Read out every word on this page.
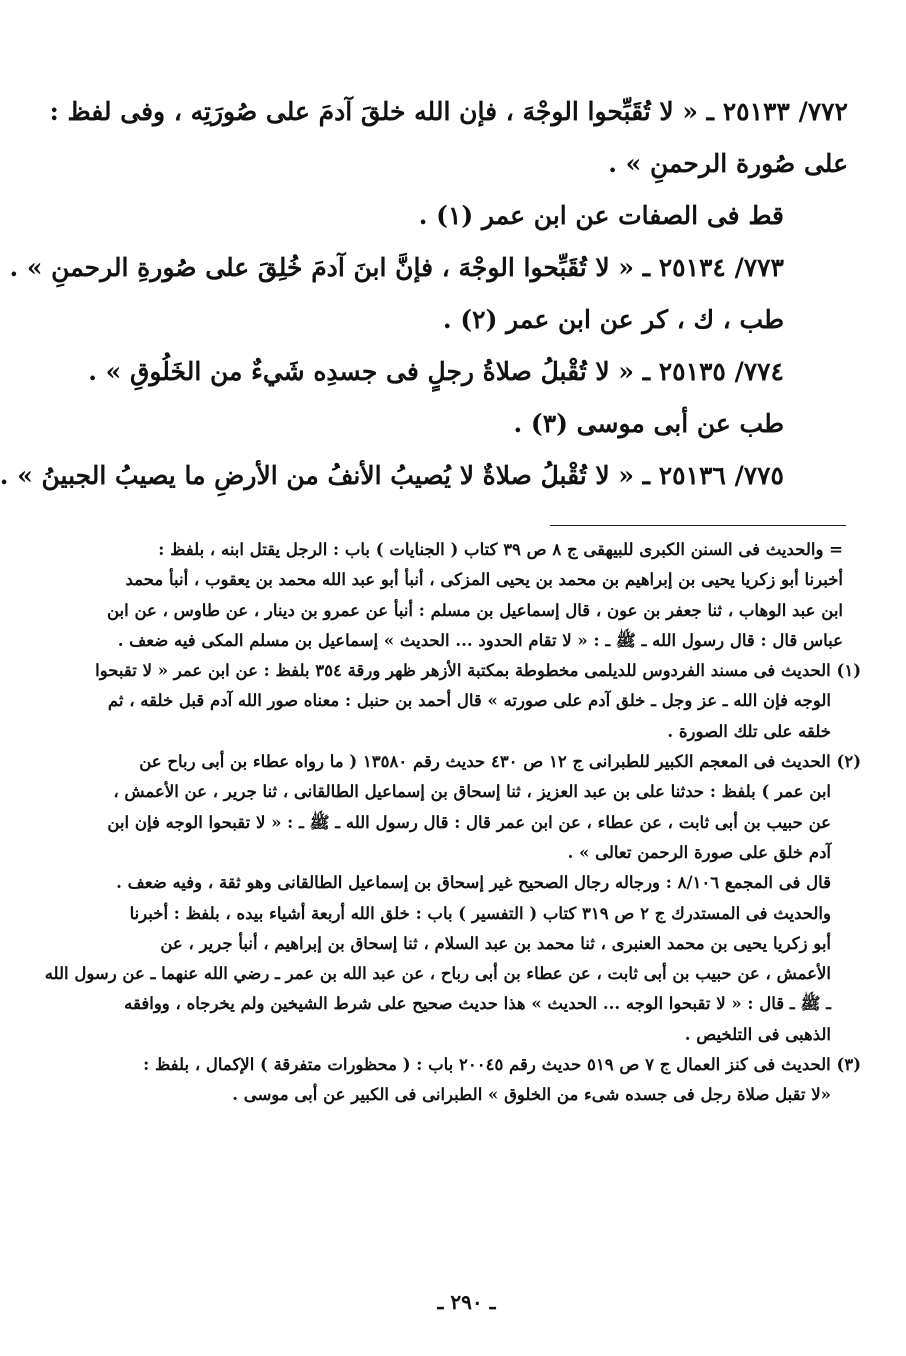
٧٧٢/ ٢٥١٣٣ ـ « لا تُقَبِّحوا الوجْهَ ، فإن الله خلقَ آدمَ على صُورَتِه ، وفى لفظ :
على صُورة الرحمنِ » .
قط فى الصفات عن ابن عمر (١) .
٧٧٣/ ٢٥١٣٤ ـ « لا تُقَبِّحوا الوجْهَ ، فإنَّ ابنَ آدمَ خُلِقَ على صُورةِ الرحمنِ » .
طب ، ك ، كر عن ابن عمر (٢) .
٧٧٤/ ٢٥١٣٥ ـ « لا تُقْبلُ صلاةُ رجلٍ فى جسدِه شَيءٌ من الخَلُوقِ » .
طب عن أبى موسى (٣) .
٧٧٥/ ٢٥١٣٦ ـ « لا تُقْبلُ صلاةٌ لا يُصيبُ الأنفُ من الأرضِ ما يصيبُ الجبينُ » .
= والحديث فى السنن الكبرى للبيهقى ج ٨ ص ٣٩ كتاب ( الجنايات ) باب : الرجل يقتل ابنه ، بلفظ :
أخبرنا أبو زكريا يحيى بن إبراهيم بن محمد بن يحيى المزكى ، أنبأ أبو عبد الله محمد بن يعقوب ، أنبأ محمد
ابن عبد الوهاب ، ثنا جعفر بن عون ، قال إسماعيل بن مسلم : أنبأ عن عمرو بن دينار ، عن طاوس ، عن ابن
عباس قال : قال رسول الله ـ ﷺ ـ : « لا تقام الحدود ... الحديث » إسماعيل بن مسلم المكى فيه ضعف .
(١) الحديث فى مسند الفردوس للديلمى مخطوطة بمكتبة الأزهر ظهر ورقة ٣٥٤ بلفظ : عن ابن عمر « لا تقبحوا
الوجه فإن الله ـ عز وجل ـ خلق آدم على صورته » قال أحمد بن حنبل : معناه صور الله آدم قبل خلقه ، ثم
خلقه على تلك الصورة .
(٢) الحديث فى المعجم الكبير للطبرانى ج ١٢ ص ٤٣٠ حديث رقم ١٣٥٨٠ ( ما رواه عطاء بن أبى رباح عن
ابن عمر ) بلفظ : حدثنا على بن عبد العزيز ، ثنا إسحاق بن إسماعيل الطالقانى ، ثنا جرير ، عن الأعمش ،
عن حبيب بن أبى ثابت ، عن عطاء ، عن ابن عمر قال : قال رسول الله ـ ﷺ ـ : « لا تقبحوا الوجه فإن ابن
آدم خلق على صورة الرحمن تعالى » .
قال فى المجمع ٨/١٠٦ : ورجاله رجال الصحيح غير إسحاق بن إسماعيل الطالقانى وهو ثقة ، وفيه ضعف .
والحديث فى المستدرك ج ٢ ص ٣١٩ كتاب ( التفسير ) باب : خلق الله أربعة أشياء بيده ، بلفظ : أخبرنا
أبو زكريا يحيى بن محمد العنبرى ، ثنا محمد بن عبد السلام ، ثنا إسحاق بن إبراهيم ، أنبأ جرير ، عن
الأعمش ، عن حبيب بن أبى ثابت ، عن عطاء بن أبى رباح ، عن عبد الله بن عمر ـ رضي الله عنهما ـ عن رسول الله
ـ ﷺ ـ قال : « لا تقبحوا الوجه ... الحديث » هذا حديث صحيح على شرط الشيخين ولم يخرجاه ، ووافقه
الذهبى فى التلخيص .
(٣) الحديث فى كنز العمال ج ٧ ص ٥١٩ حديث رقم ٢٠٠٤٥ باب : ( محظورات متفرقة ) الإكمال ، بلفظ :
«لا تقبل صلاة رجل فى جسده شىء من الخلوق » الطبرانى فى الكبير عن أبى موسى .
ـ ٢٩٠ ـ
